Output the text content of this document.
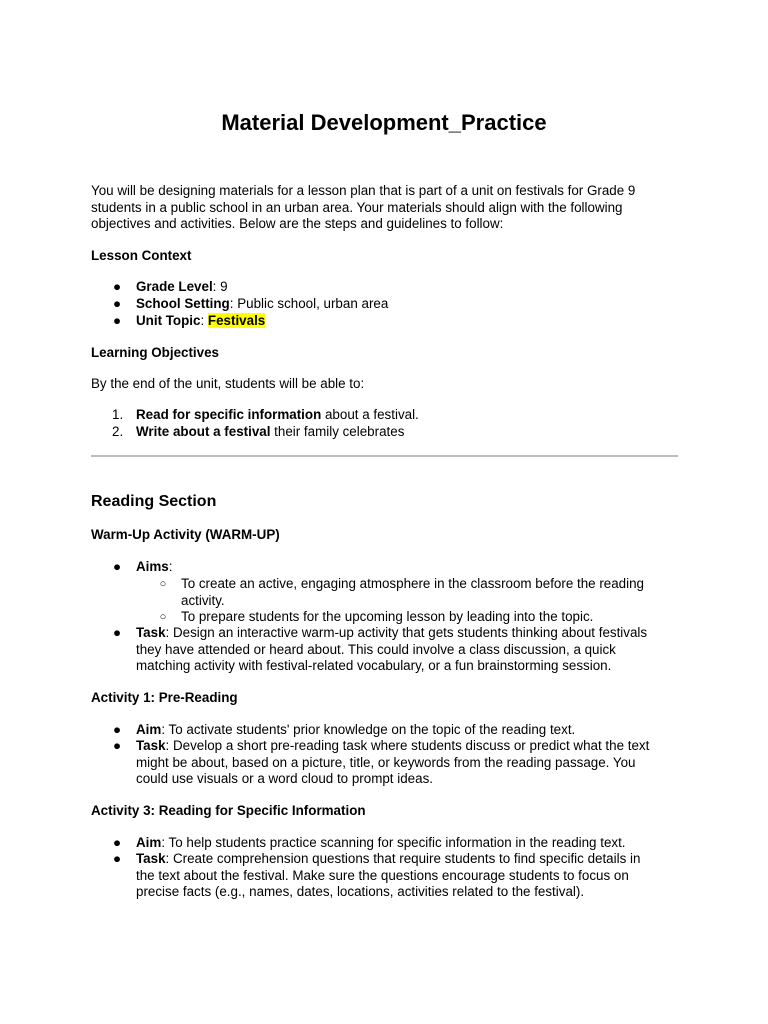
Material Development_Practice
You will be designing materials for a lesson plan that is part of a unit on festivals for Grade 9
students in a public school in an urban area. Your materials should align with the following
objectives and activities. Below are the steps and guidelines to follow:
Lesson Context
● Grade Level: 9
● School Setting: Public school, urban area
● Unit Topic: Festivals
Learning Objectives
By the end of the unit, students will be able to:
1. Read for specific information about a festival.
2. Write about a festival their family celebrates
Reading Section
Warm-Up Activity (WARM-UP)
● Aims:
○ To create an active, engaging atmosphere in the classroom before the reading
activity.
○ To prepare students for the upcoming lesson by leading into the topic.
● Task: Design an interactive warm-up activity that gets students thinking about festivals
they have attended or heard about. This could involve a class discussion, a quick
matching activity with festival-related vocabulary, or a fun brainstorming session.
Activity 1: Pre-Reading
● Aim: To activate students' prior knowledge on the topic of the reading text.
● Task: Develop a short pre-reading task where students discuss or predict what the text
might be about, based on a picture, title, or keywords from the reading passage. You
could use visuals or a word cloud to prompt ideas.
Activity 3: Reading for Specific Information
● Aim: To help students practice scanning for specific information in the reading text.
● Task: Create comprehension questions that require students to find specific details in
the text about the festival. Make sure the questions encourage students to focus on
precise facts (e.g., names, dates, locations, activities related to the festival).
